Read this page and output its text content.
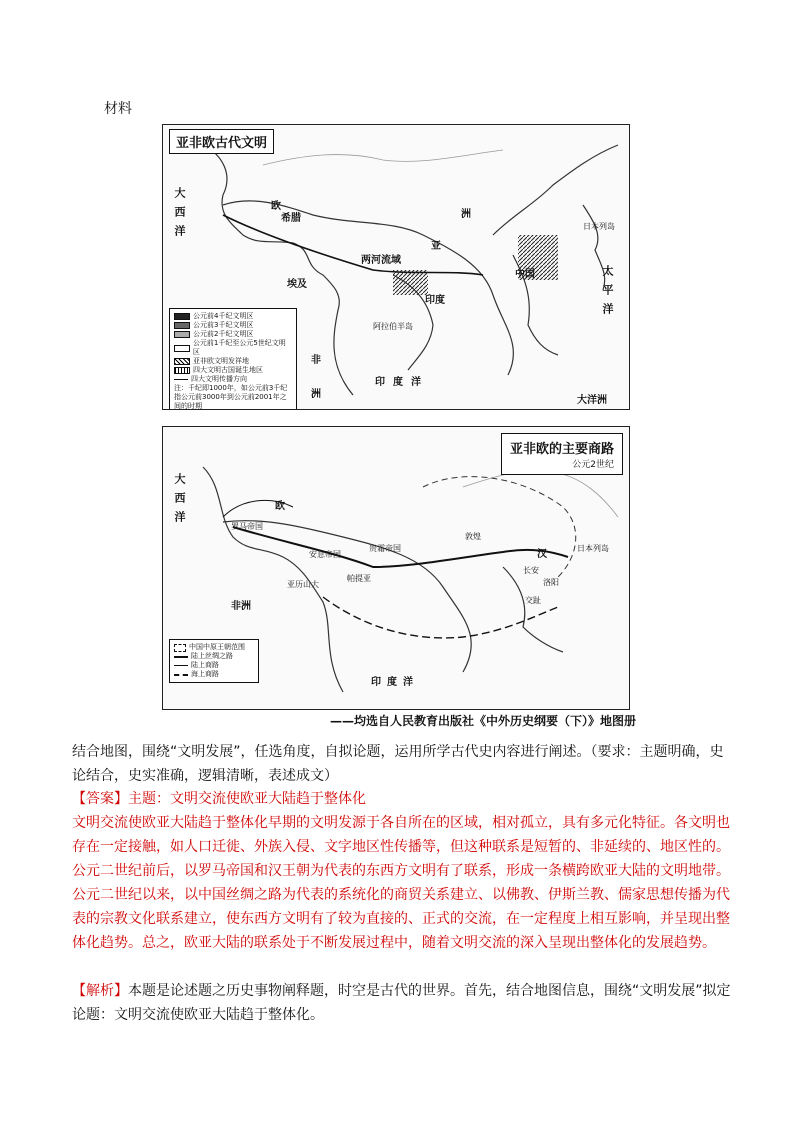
材料
亚非欧古代文明
大西洋	欧
希腊
两河流域
埃及
非
洲
亚
中国
印度	太平洋
印度洋
大洋洲
洲
阿拉伯半岛
日本列岛
公元前4千纪文明区
公元前3千纪文明区
公元前2千纪文明区
公元前1千纪至公元5世纪文明区
亚非欧文明发祥地
四大文明古国诞生地区
四大文明传播方向
注：千纪即1000年，如公元前3千纪指公元前3000年到公元前2001年之间的时期
亚非欧的主要商路
公元2世纪
大西洋	欧
罗马帝国
安息帝国
贵霜帝国
汉
长安
洛阳
敦煌
帕提亚
印度洋
非洲
亚历山大
日本列岛
交趾
中国中原王朝范围
陆上丝绸之路
陆上商路
海上商路
——均选自人民教育出版社《中外历史纲要（下）》地图册
结合地图，围绕“文明发展”，任选角度，自拟论题，运用所学古代史内容进行阐述。（要求：主题明确，史论结合，史实准确，逻辑清晰，表述成文）
【答案】主题：文明交流使欧亚大陆趋于整体化
文明交流使欧亚大陆趋于整体化早期的文明发源于各自所在的区域，相对孤立，具有多元化特征。各文明也存在一定接触，如人口迁徙、外族入侵、文字地区性传播等，但这种联系是短暂的、非延续的、地区性的。公元二世纪前后，以罗马帝国和汉王朝为代表的东西方文明有了联系，形成一条横跨欧亚大陆的文明地带。公元二世纪以来，以中国丝绸之路为代表的系统化的商贸关系建立、以佛教、伊斯兰教、儒家思想传播为代表的宗教文化联系建立，使东西方文明有了较为直接的、正式的交流，在一定程度上相互影响，并呈现出整体化趋势。总之，欧亚大陆的联系处于不断发展过程中，随着文明交流的深入呈现出整体化的发展趋势。
【解析】本题是论述题之历史事物阐释题，时空是古代的世界。首先，结合地图信息，围绕“文明发展”拟定论题：文明交流使欧亚大陆趋于整体化。
